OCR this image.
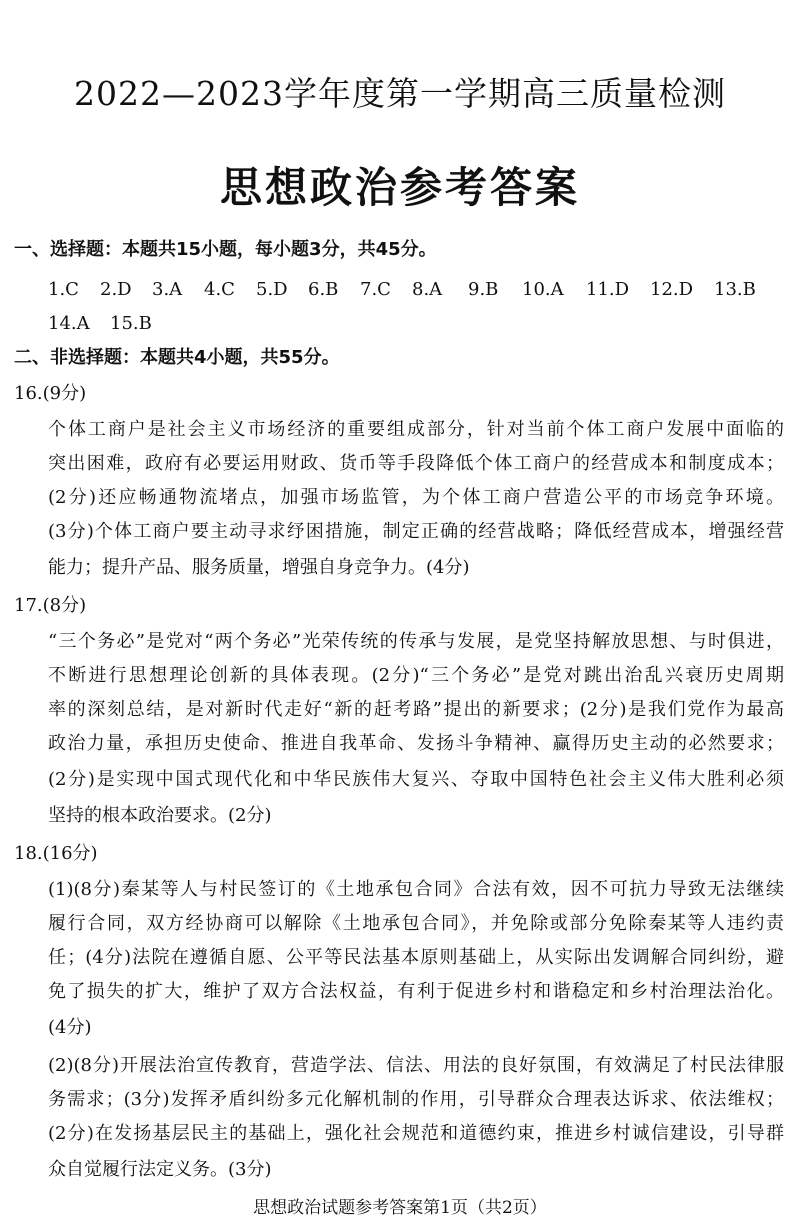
2022—2023学年度第一学期高三质量检测
思想政治参考答案
一、选择题：本题共15小题，每小题3分，共45分。
1.C 2.D 3.A 4.C 5.D 6.B 7.C 8.A 9.B 10.A 11.D 12.D 13.B
14.A 15.B
二、非选择题：本题共4小题，共55分。
16.(9分)
个体工商户是社会主义市场经济的重要组成部分，针对当前个体工商户发展中面临的
突出困难，政府有必要运用财政、货币等手段降低个体工商户的经营成本和制度成本；
(2分)还应畅通物流堵点，加强市场监管，为个体工商户营造公平的市场竞争环境。
(3分)个体工商户要主动寻求纾困措施，制定正确的经营战略；降低经营成本，增强经营
能力；提升产品、服务质量，增强自身竞争力。(4分)
17.(8分)
“三个务必”是党对“两个务必”光荣传统的传承与发展，是党坚持解放思想、与时俱进，
不断进行思想理论创新的具体表现。(2分)“三个务必”是党对跳出治乱兴衰历史周期
率的深刻总结，是对新时代走好“新的赶考路”提出的新要求；(2分)是我们党作为最高
政治力量，承担历史使命、推进自我革命、发扬斗争精神、赢得历史主动的必然要求；
(2分)是实现中国式现代化和中华民族伟大复兴、夺取中国特色社会主义伟大胜利必须
坚持的根本政治要求。(2分)
18.(16分)
(1)(8分)秦某等人与村民签订的《土地承包合同》合法有效，因不可抗力导致无法继续
履行合同，双方经协商可以解除《土地承包合同》，并免除或部分免除秦某等人违约责
任；(4分)法院在遵循自愿、公平等民法基本原则基础上，从实际出发调解合同纠纷，避
免了损失的扩大，维护了双方合法权益，有利于促进乡村和谐稳定和乡村治理法治化。
(4分)
(2)(8分)开展法治宣传教育，营造学法、信法、用法的良好氛围，有效满足了村民法律服
务需求；(3分)发挥矛盾纠纷多元化解机制的作用，引导群众合理表达诉求、依法维权；
(2分)在发扬基层民主的基础上，强化社会规范和道德约束，推进乡村诚信建设，引导群
众自觉履行法定义务。(3分)
思想政治试题参考答案第1页（共2页）
